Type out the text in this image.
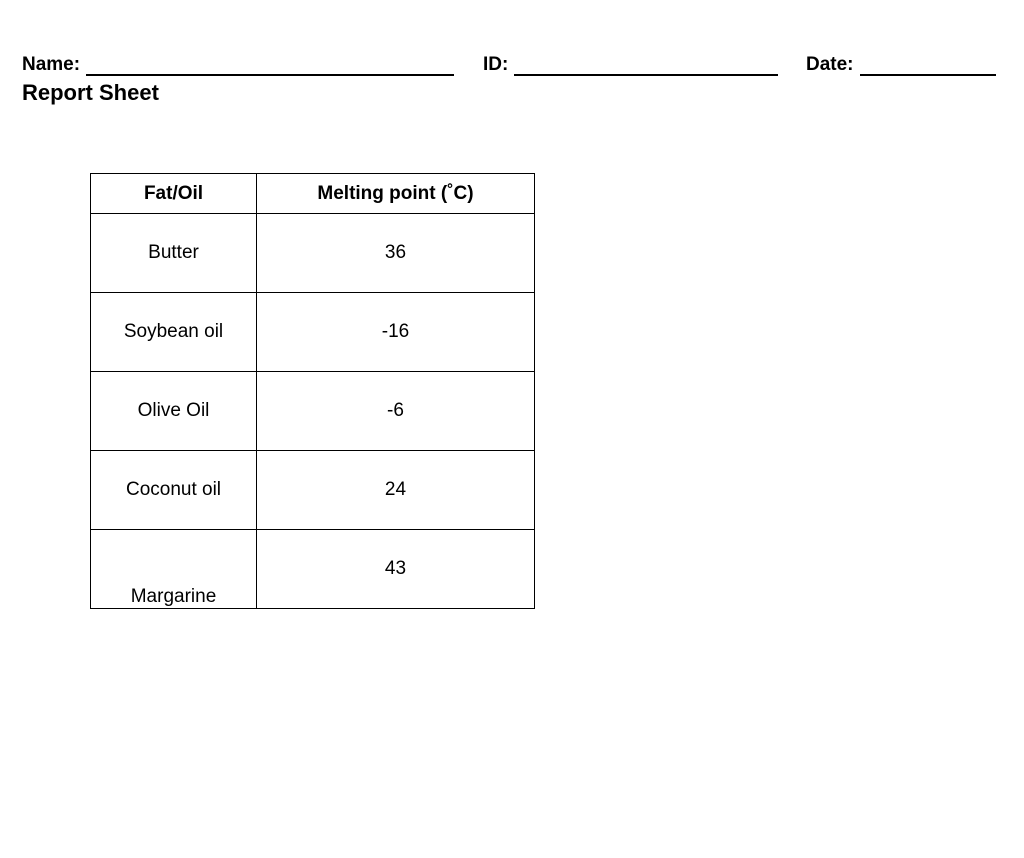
Name:	ID:	Date:
Report Sheet
Fat/Oil	Melting point (˚C)
Butter	36
Soybean oil	-16
Olive Oil	-6
Coconut oil	24
Margarine	43
